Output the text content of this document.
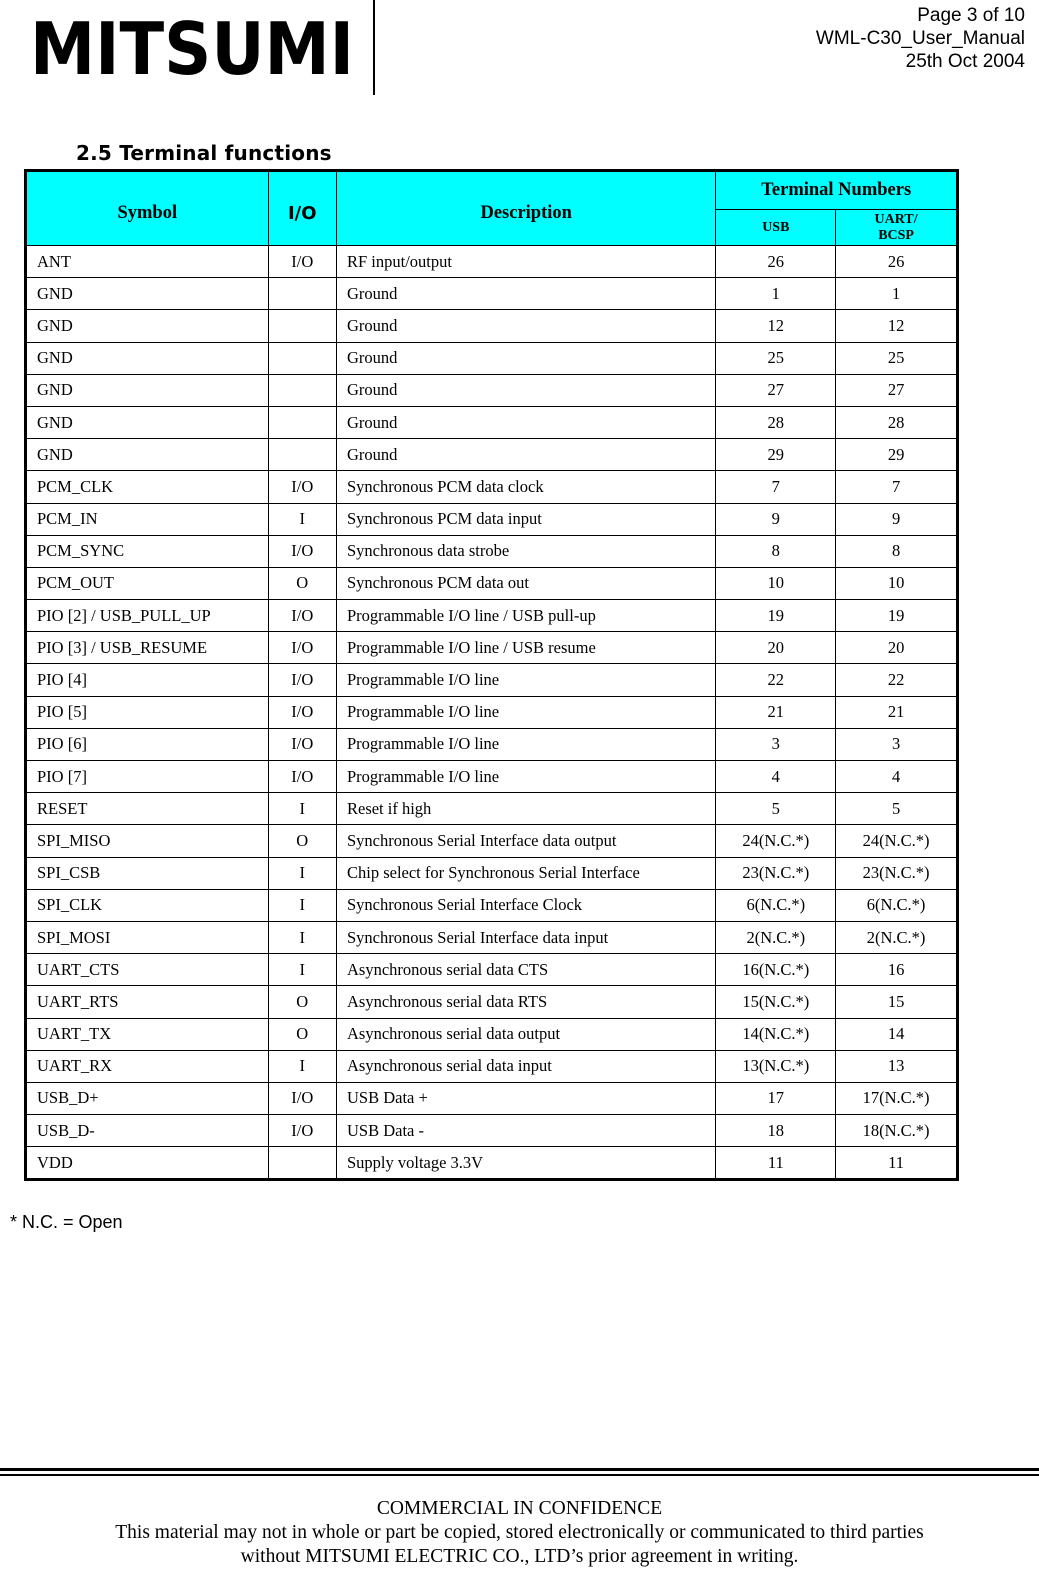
MITSUMI	Page 3 of 10
WML-C30_User_Manual
25th Oct 2004
2.5 Terminal functions
Symbol	I/O	Description	Terminal Numbers	
			USB	UART/
BCSP
ANT	I/O	RF input/output	26	26
GND		Ground	1	1
GND		Ground	12	12
GND		Ground	25	25
GND		Ground	27	27
GND		Ground	28	28
GND		Ground	29	29
PCM_CLK	I/O	Synchronous PCM data clock	7	7
PCM_IN	I	Synchronous PCM data input	9	9
PCM_SYNC	I/O	Synchronous data strobe	8	8
PCM_OUT	O	Synchronous PCM data out	10	10
PIO [2] / USB_PULL_UP	I/O	Programmable I/O line / USB pull-up	19	19
PIO [3] / USB_RESUME	I/O	Programmable I/O line / USB resume	20	20
PIO [4]	I/O	Programmable I/O line	22	22
PIO [5]	I/O	Programmable I/O line	21	21
PIO [6]	I/O	Programmable I/O line	3	3
PIO [7]	I/O	Programmable I/O line	4	4
RESET	I	Reset if high	5	5
SPI_MISO	O	Synchronous Serial Interface data output	24(N.C.*)	24(N.C.*)
SPI_CSB	I	Chip select for Synchronous Serial Interface	23(N.C.*)	23(N.C.*)
SPI_CLK	I	Synchronous Serial Interface Clock	6(N.C.*)	6(N.C.*)
SPI_MOSI	I	Synchronous Serial Interface data input	2(N.C.*)	2(N.C.*)
UART_CTS	I	Asynchronous serial data CTS	16(N.C.*)	16
UART_RTS	O	Asynchronous serial data RTS	15(N.C.*)	15
UART_TX	O	Asynchronous serial data output	14(N.C.*)	14
UART_RX	I	Asynchronous serial data input	13(N.C.*)	13
USB_D+	I/O	USB Data +	17	17(N.C.*)
USB_D-	I/O	USB Data -	18	18(N.C.*)
VDD		Supply voltage 3.3V	11	11
* N.C. = Open
COMMERCIAL IN CONFIDENCE
This material may not in whole or part be copied, stored electronically or communicated to third parties
without MITSUMI ELECTRIC CO., LTD’s prior agreement in writing.
